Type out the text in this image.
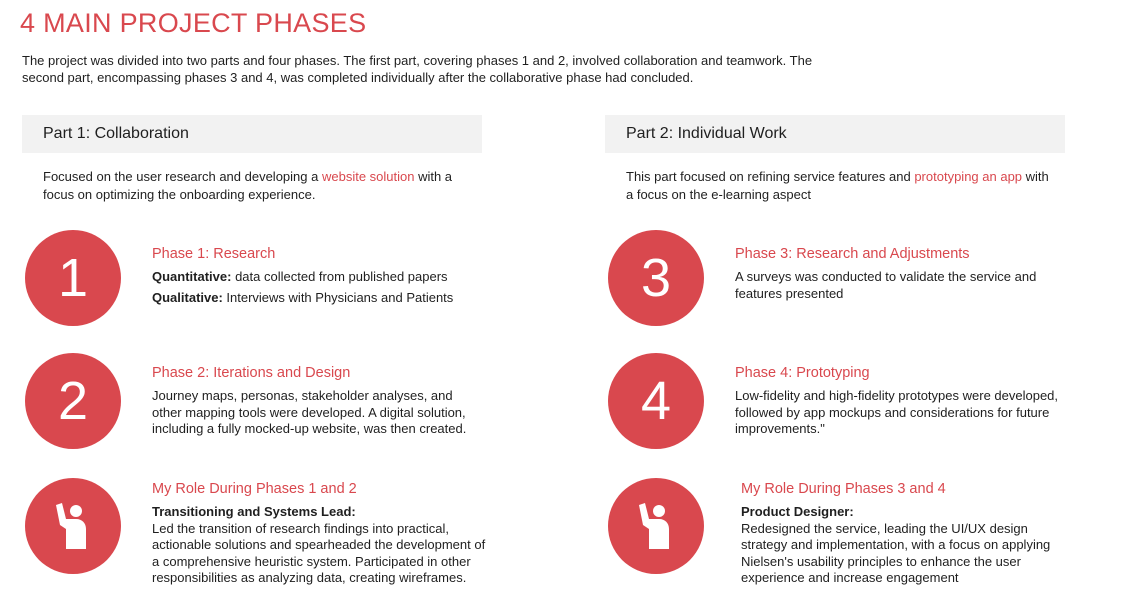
4 MAIN PROJECT PHASES
The project was divided into two parts and four phases. The first part, covering phases 1 and 2, involved collaboration and teamwork. The second part, encompassing phases 3 and 4, was completed individually after the collaborative phase had concluded.
Part 1: Collaboration
Focused on the user research and developing a website solution with a focus on optimizing the onboarding experience.
Part 2: Individual Work
This part focused on refining service features and prototyping an app with a focus on the e-learning aspect
1	Phase 1: Research

Quantitative: data collected from published papers

Qualitative: Interviews with Physicians and Patients

2	Phase 2: Iterations and Design
Journey maps, personas, stakeholder analyses, and other mapping tools were developed. A digital solution, including a fully mocked-up website, was then created.
3	Phase 3: Research and Adjustments
A surveys was conducted to validate the service and features presented
4	Phase 4: Prototyping
Low-fidelity and high-fidelity prototypes were developed, followed by app mockups and considerations for future improvements."
My Role During Phases 1 and 2
Transitioning and Systems Lead:
Led the transition of research findings into practical, actionable solutions and spearheaded the development of a comprehensive heuristic system. Participated in other responsibilities as analyzing data, creating wireframes.
My Role During Phases 3 and 4
Product Designer:
Redesigned the service, leading the UI/UX design strategy and implementation, with a focus on applying Nielsen's usability principles to enhance the user experience and increase engagement
